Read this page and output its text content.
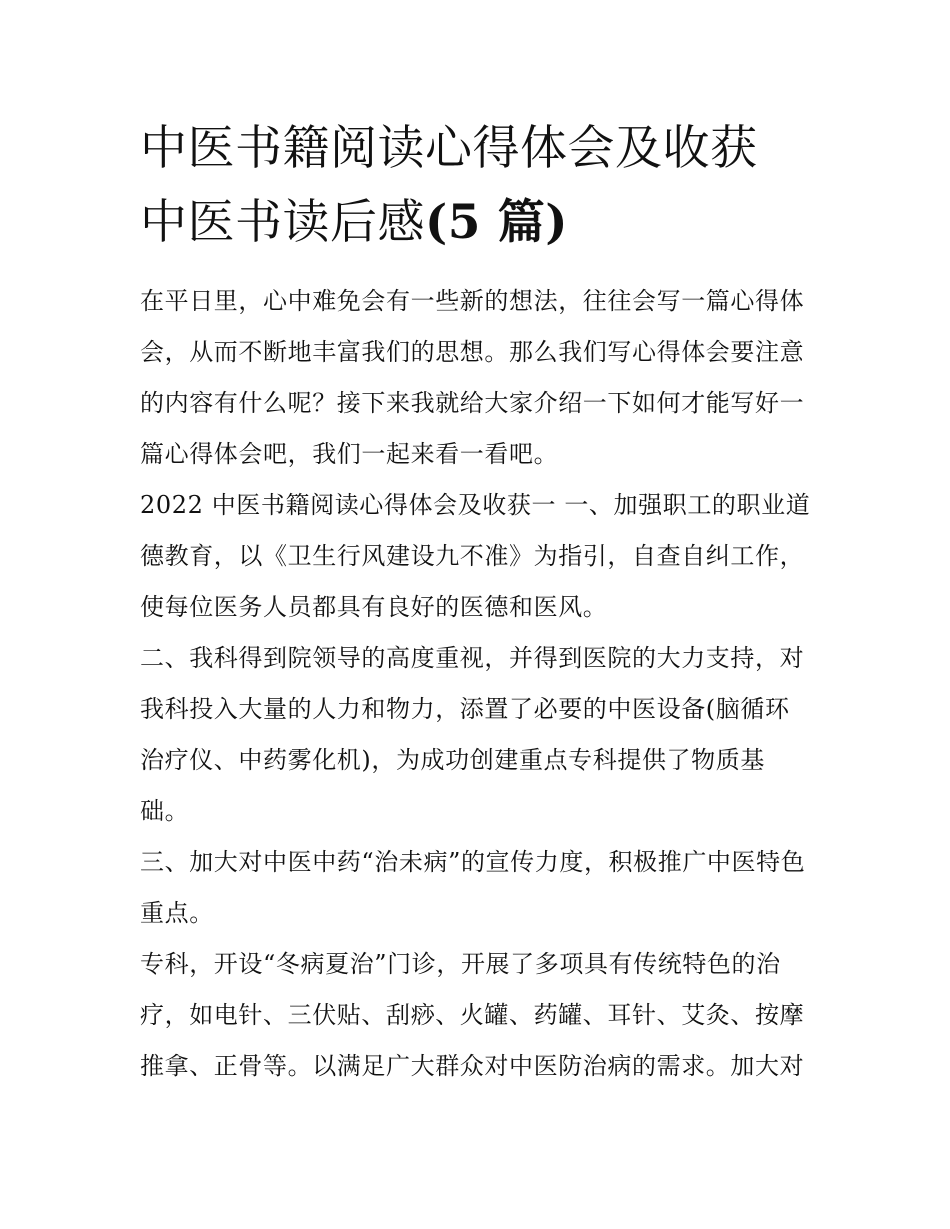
中医书籍阅读心得体会及收获
中医书读后感(5 篇)

在平日里，心中难免会有一些新的想法，往往会写一篇心得体
会，从而不断地丰富我们的思想。那么我们写心得体会要注意
的内容有什么呢？接下来我就给大家介绍一下如何才能写好一
篇心得体会吧，我们一起来看一看吧。

2022 中医书籍阅读心得体会及收获一 一、加强职工的职业道
德教育，以《卫生行风建设九不准》为指引，自查自纠工作，
使每位医务人员都具有良好的医德和医风。

二、我科得到院领导的高度重视，并得到医院的大力支持，对
我科投入大量的人力和物力，添置了必要的中医设备(脑循环
治疗仪、中药雾化机)，为成功创建重点专科提供了物质基
础。

三、加大对中医中药“治未病”的宣传力度，积极推广中医特色
重点。

专科，开设“冬病夏治”门诊，开展了多项具有传统特色的治
疗，如电针、三伏贴、刮痧、火罐、药罐、耳针、艾灸、按摩
推拿、正骨等。以满足广大群众对中医防治病的需求。加大对
